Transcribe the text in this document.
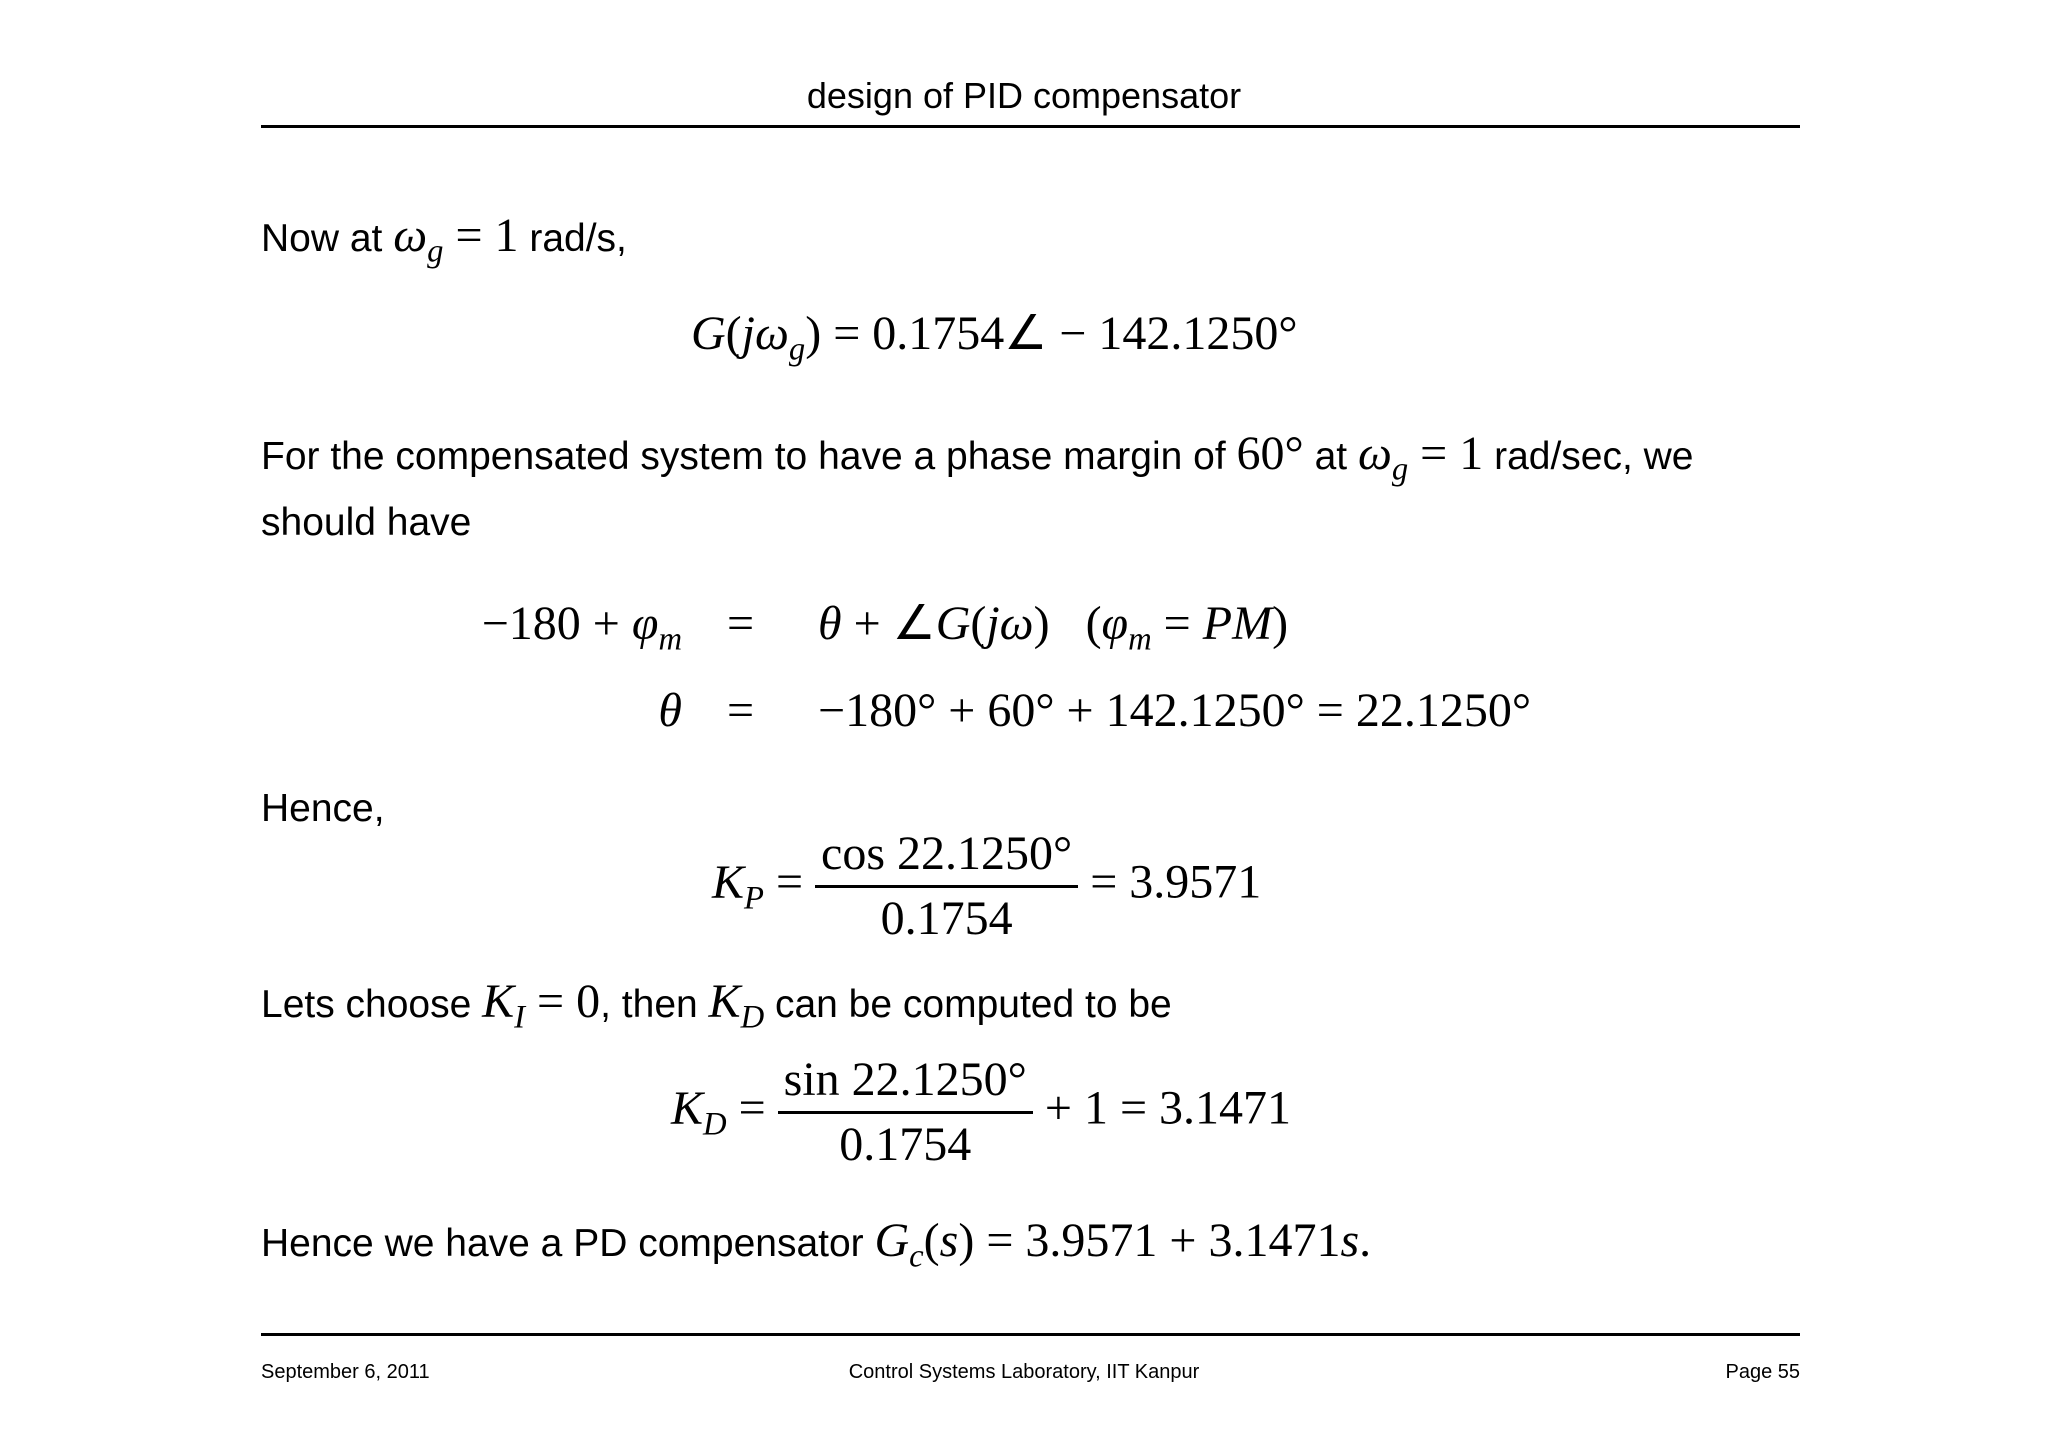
design of PID compensator
Now at $\omega_g = 1$ rad/s,
$G(j\omega_g)$ = 0.1754∠ − 142.1250°
For the compensated system to have a phase margin of 60° at $\omega_g = 1$ rad/sec, we
should have
$-180 + \varphi_m = \theta$ + ∠G(jω)   $(\varphi_m = PM)$
θ = −180° + 60° + 142.1250° = 22.1250°
Hence,
$K_P = \frac{\cos 22.1250^\circ}{0.1754} = 3.9571$
Lets choose $K_I = 0$, then $K_D$ can be computed to be
$K_D = \frac{\sin 22.1250^\circ}{0.1754} + 1 = 3.1471$
Hence we have a PD compensator $G_c(s) = 3.9571 + 3.1471s$.
September 6, 2011	Control Systems Laboratory, IIT Kanpur	Page 55
